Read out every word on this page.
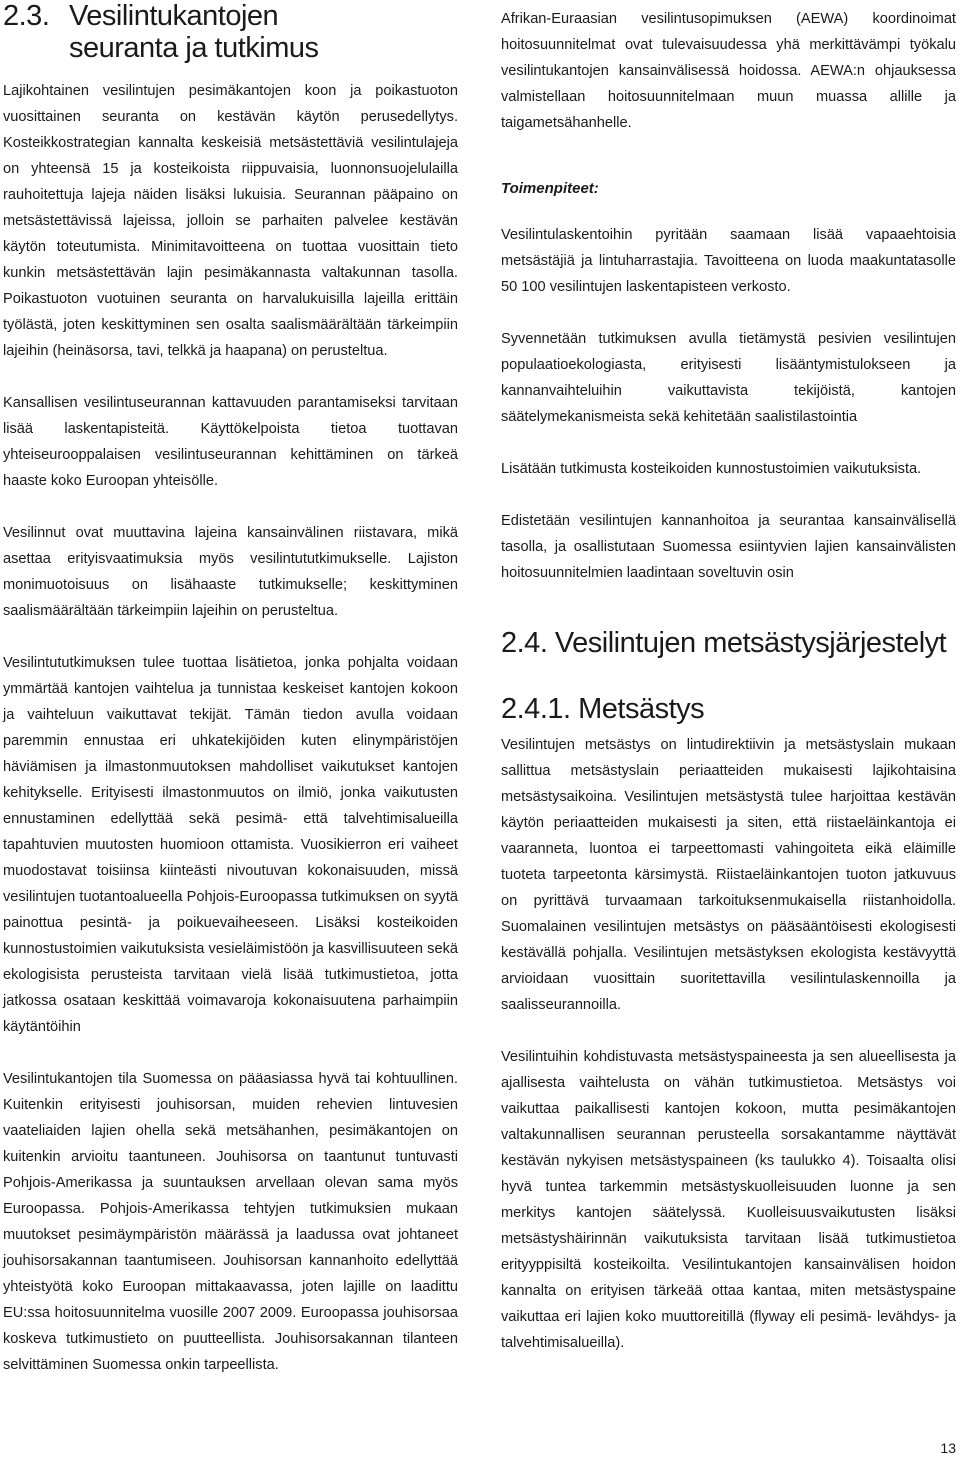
2.3. Vesilintukantojen
seuranta ja tutkimus

Lajikohtainen vesilintujen pesimäkantojen koon ja poikastuoton vuosittainen seuranta on kestävän käytön perusedellytys. Kosteikkostrategian kannalta keskeisiä metsästettäviä vesilintulajeja on yhteensä 15 ja kosteikoista riippuvaisia, luonnonsuojelulailla rauhoitettuja lajeja näiden lisäksi lukuisia. Seurannan pääpaino on metsästettävissä lajeissa, jolloin se parhaiten palvelee kestävän käytön toteutumista. Minimitavoitteena on tuottaa vuosittain tieto kunkin metsästettävän lajin pesimäkannasta valtakunnan tasolla. Poikastuoton vuotuinen seuranta on harvalukuisilla lajeilla erittäin työlästä, joten keskittyminen sen osalta saalismäärältään tärkeimpiin lajeihin (heinäsorsa, tavi, telkkä ja haapana) on perusteltua.

Kansallisen vesilintuseurannan kattavuuden parantamiseksi tarvitaan lisää laskentapisteitä. Käyttökelpoista tietoa tuottavan yhteiseurooppalaisen vesilintuseurannan kehittäminen on tärkeä haaste koko Euroopan yhteisölle.

Vesilinnut ovat muuttavina lajeina kansainvälinen riistavara, mikä asettaa erityisvaatimuksia myös vesilintututkimukselle. Lajiston monimuotoisuus on lisähaaste tutkimukselle; keskittyminen saalismäärältään tärkeimpiin lajeihin on perusteltua.

Vesilintututkimuksen tulee tuottaa lisätietoa, jonka pohjalta voidaan ymmärtää kantojen vaihtelua ja tunnistaa keskeiset kantojen kokoon ja vaihteluun vaikuttavat tekijät. Tämän tiedon avulla voidaan paremmin ennustaa eri uhkatekijöiden kuten elinympäristöjen häviämisen ja ilmastonmuutoksen mahdolliset vaikutukset kantojen kehitykselle. Erityisesti ilmastonmuutos on ilmiö, jonka vaikutusten ennustaminen edellyttää sekä pesimä- että talvehtimisalueilla tapahtuvien muutosten huomioon ottamista. Vuosikierron eri vaiheet muodostavat toisiinsa kiinteästi nivoutuvan kokonaisuuden, missä vesilintujen tuotantoalueella Pohjois-Euroopassa tutkimuksen on syytä painottua pesintä- ja poikuevaiheeseen. Lisäksi kosteikoiden kunnostustoimien vaikutuksista vesieläimistöön ja kasvillisuuteen sekä ekologisista perusteista tarvitaan vielä lisää tutkimustietoa, jotta jatkossa osataan keskittää voimavaroja kokonaisuutena parhaimpiin käytäntöihin

Vesilintukantojen tila Suomessa on pääasiassa hyvä tai kohtuullinen. Kuitenkin erityisesti jouhisorsan, muiden rehevien lintuvesien vaateliaiden lajien ohella sekä metsähanhen, pesimäkantojen on kuitenkin arvioitu taantuneen. Jouhisorsa on taantunut tuntuvasti Pohjois-Amerikassa ja suuntauksen arvellaan olevan sama myös Euroopassa. Pohjois-Amerikassa tehtyjen tutkimuksien mukaan muutokset pesimäympäristön määrässä ja laadussa ovat johtaneet jouhisorsakannan taantumiseen. Jouhisorsan kannanhoito edellyttää yhteistyötä koko Euroopan mittakaavassa, joten lajille on laadittu EU:ssa hoitosuunnitelma vuosille 2007 2009. Euroopassa jouhisorsaa koskeva tutkimustieto on puutteellista. Jouhisorsakannan tilanteen selvittäminen Suomessa onkin tarpeellista.

Afrikan-Euraasian vesilintusopimuksen (AEWA) koordinoimat hoitosuunnitelmat ovat tulevaisuudessa yhä merkittävämpi työkalu vesilintukantojen kansainvälisessä hoidossa. AEWA:n ohjauksessa valmistellaan hoitosuunnitelmaan muun muassa allille ja taigametsähanhelle.

Toimenpiteet:

Vesilintulaskentoihin pyritään saamaan lisää vapaaehtoisia metsästäjiä ja lintuharrastajia. Tavoitteena on luoda maakuntatasolle 50 100 vesilintujen laskentapisteen verkosto.

Syvennetään tutkimuksen avulla tietämystä pesivien vesilintujen populaatioekologiasta, erityisesti lisääntymistulokseen ja kannanvaihteluihin vaikuttavista tekijöistä, kantojen säätelymekanismeista sekä kehitetään saalistilastointia

Lisätään tutkimusta kosteikoiden kunnostustoimien vaikutuksista.

Edistetään vesilintujen kannanhoitoa ja seurantaa kansainvälisellä tasolla, ja osallistutaan Suomessa esiintyvien lajien kansainvälisten hoitosuunnitelmien laadintaan soveltuvin osin

2.4. Vesilintujen metsästysjärjestelyt
2.4.1. Metsästys

Vesilintujen metsästys on lintudirektiivin ja metsästyslain mukaan sallittua metsästyslain periaatteiden mukaisesti lajikohtaisina metsästysaikoina. Vesilintujen metsästystä tulee harjoittaa kestävän käytön periaatteiden mukaisesti ja siten, että riistaeläinkantoja ei vaaranneta, luontoa ei tarpeettomasti vahingoiteta eikä eläimille tuoteta tarpeetonta kärsimystä. Riistaeläinkantojen tuoton jatkuvuus on pyrittävä turvaamaan tarkoituksenmukaisella riistanhoidolla. Suomalainen vesilintujen metsästys on pääsääntöisesti ekologisesti kestävällä pohjalla. Vesilintujen metsästyksen ekologista kestävyyttä arvioidaan vuosittain suoritettavilla vesilintulaskennoilla ja saalisseurannoilla.

Vesilintuihin kohdistuvasta metsästyspaineesta ja sen alueellisesta ja ajallisesta vaihtelusta on vähän tutkimustietoa. Metsästys voi vaikuttaa paikallisesti kantojen kokoon, mutta pesimäkantojen valtakunnallisen seurannan perusteella sorsakantamme näyttävät kestävän nykyisen metsästyspaineen (ks taulukko 4). Toisaalta olisi hyvä tuntea tarkemmin metsästyskuolleisuuden luonne ja sen merkitys kantojen säätelyssä. Kuolleisuusvaikutusten lisäksi metsästyshäirinnän vaikutuksista tarvitaan lisää tutkimustietoa erityyppisiltä kosteikoilta. Vesilintukantojen kansainvälisen hoidon kannalta on erityisen tärkeää ottaa kantaa, miten metsästyspaine vaikuttaa eri lajien koko muuttoreitillä (flyway eli pesimä- levähdys- ja talvehtimisalueilla).

13
